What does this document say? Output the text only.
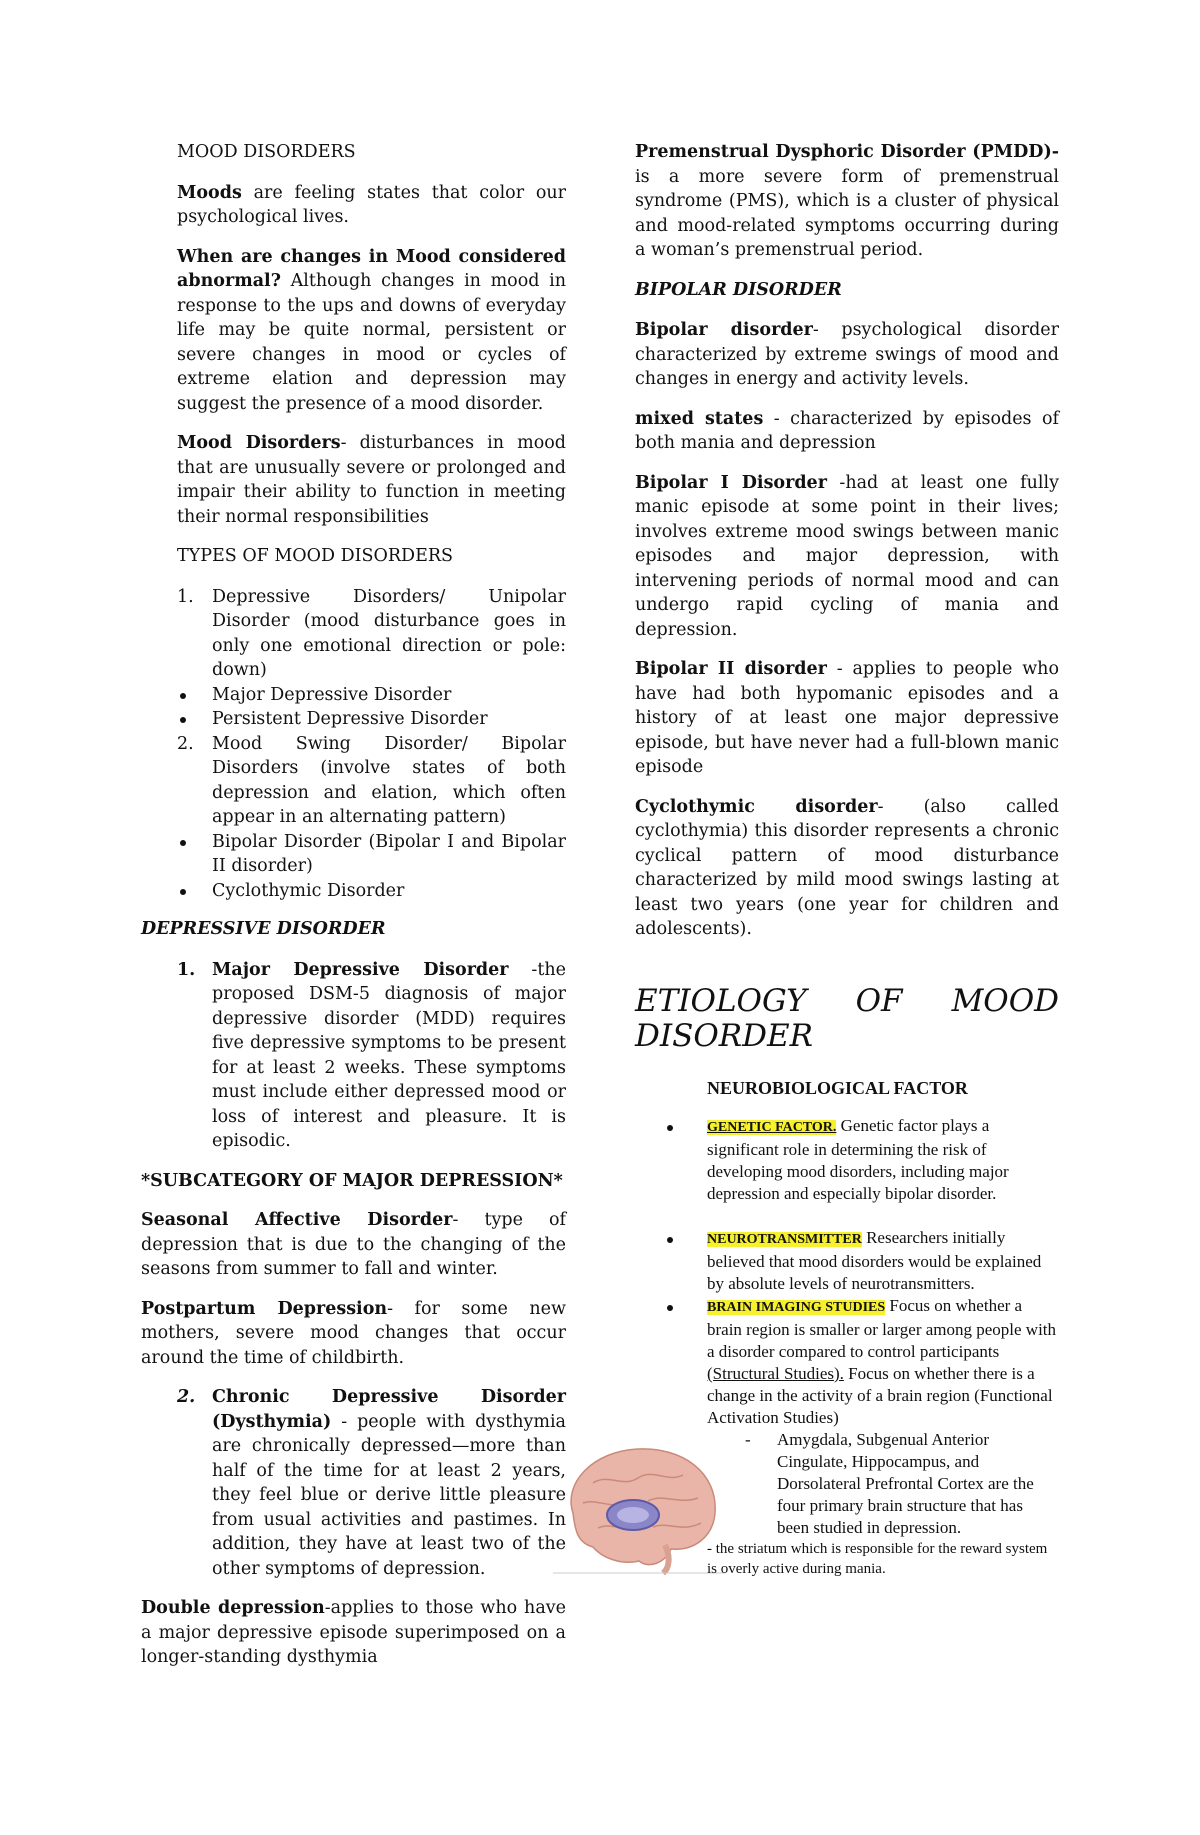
MOOD DISORDERS

Moods are feeling states that color our psychological lives.

When are changes in Mood considered abnormal? Although changes in mood in response to the ups and downs of everyday life may be quite normal, persistent or severe changes in mood or cycles of extreme elation and depression may suggest the presence of a mood disorder.

Mood Disorders- disturbances in mood that are unusually severe or prolonged and impair their ability to function in meeting their normal responsibilities

TYPES OF MOOD DISORDERS
1.	Depressive Disorders/ Unipolar Disorder (mood disturbance goes in only one emotional direction or pole: down)
Major Depressive Disorder
Persistent Depressive Disorder
2.	Mood Swing Disorder/ Bipolar Disorders (involve states of both depression and elation, which often appear in an alternating pattern)
Bipolar Disorder (Bipolar I and Bipolar II disorder)
Cyclothymic Disorder
DEPRESSIVE DISORDER
1. Major Depressive Disorder -the proposed DSM-5 diagnosis of major depressive disorder (MDD) requires five depressive symptoms to be present for at least 2 weeks. These symptoms must include either depressed mood or loss of interest and pleasure. It is episodic.

*SUBCATEGORY OF MAJOR DEPRESSION*

Seasonal Affective Disorder- type of depression that is due to the changing of the seasons from summer to fall and winter.

Postpartum Depression- for some new mothers, severe mood changes that occur around the time of childbirth.

2. Chronic Depressive Disorder (Dysthymia) - people with dysthymia are chronically depressed—more than half of the time for at least 2 years, they feel blue or derive little pleasure from usual activities and pastimes. In addition, they have at least two of the other symptoms of depression.

Double depression-applies to those who have a major depressive episode superimposed on a longer-standing dysthymia

Premenstrual Dysphoric Disorder (PMDD)- is a more severe form of premenstrual syndrome (PMS), which is a cluster of physical and mood-related symptoms occurring during a woman’s premenstrual period.

BIPOLAR DISORDER

Bipolar disorder- psychological disorder characterized by extreme swings of mood and changes in energy and activity levels.

mixed states - characterized by episodes of both mania and depression

Bipolar I Disorder -had at least one fully manic episode at some point in their lives; involves extreme mood swings between manic episodes and major depression, with intervening periods of normal mood and can undergo rapid cycling of mania and depression.

Bipolar II disorder - applies to people who have had both hypomanic episodes and a history of at least one major depressive episode, but have never had a full-blown manic episode

Cyclothymic disorder- (also called cyclothymia) this disorder represents a chronic cyclical pattern of mood disturbance characterized by mild mood swings lasting at least two years (one year for children and adolescents).

ETIOLOGY OF MOOD
DISORDER
NEUROBIOLOGICAL FACTOR
GENETIC FACTOR. Genetic factor plays a significant role in determining the risk of developing mood disorders, including major depression and especially bipolar disorder.
NEUROTRANSMITTER Researchers initially believed that mood disorders would be explained by absolute levels of neurotransmitters.
BRAIN IMAGING STUDIES Focus on whether a brain region is smaller or larger among people with a disorder compared to control participants (Structural Studies). Focus on whether there is a change in the activity of a brain region (Functional Activation Studies)
- Amygdala, Subgenual Anterior Cingulate, Hippocampus, and Dorsolateral Prefrontal Cortex are the four primary brain structure that has been studied in depression.
- the striatum which is responsible for the reward system is overly active during mania.
